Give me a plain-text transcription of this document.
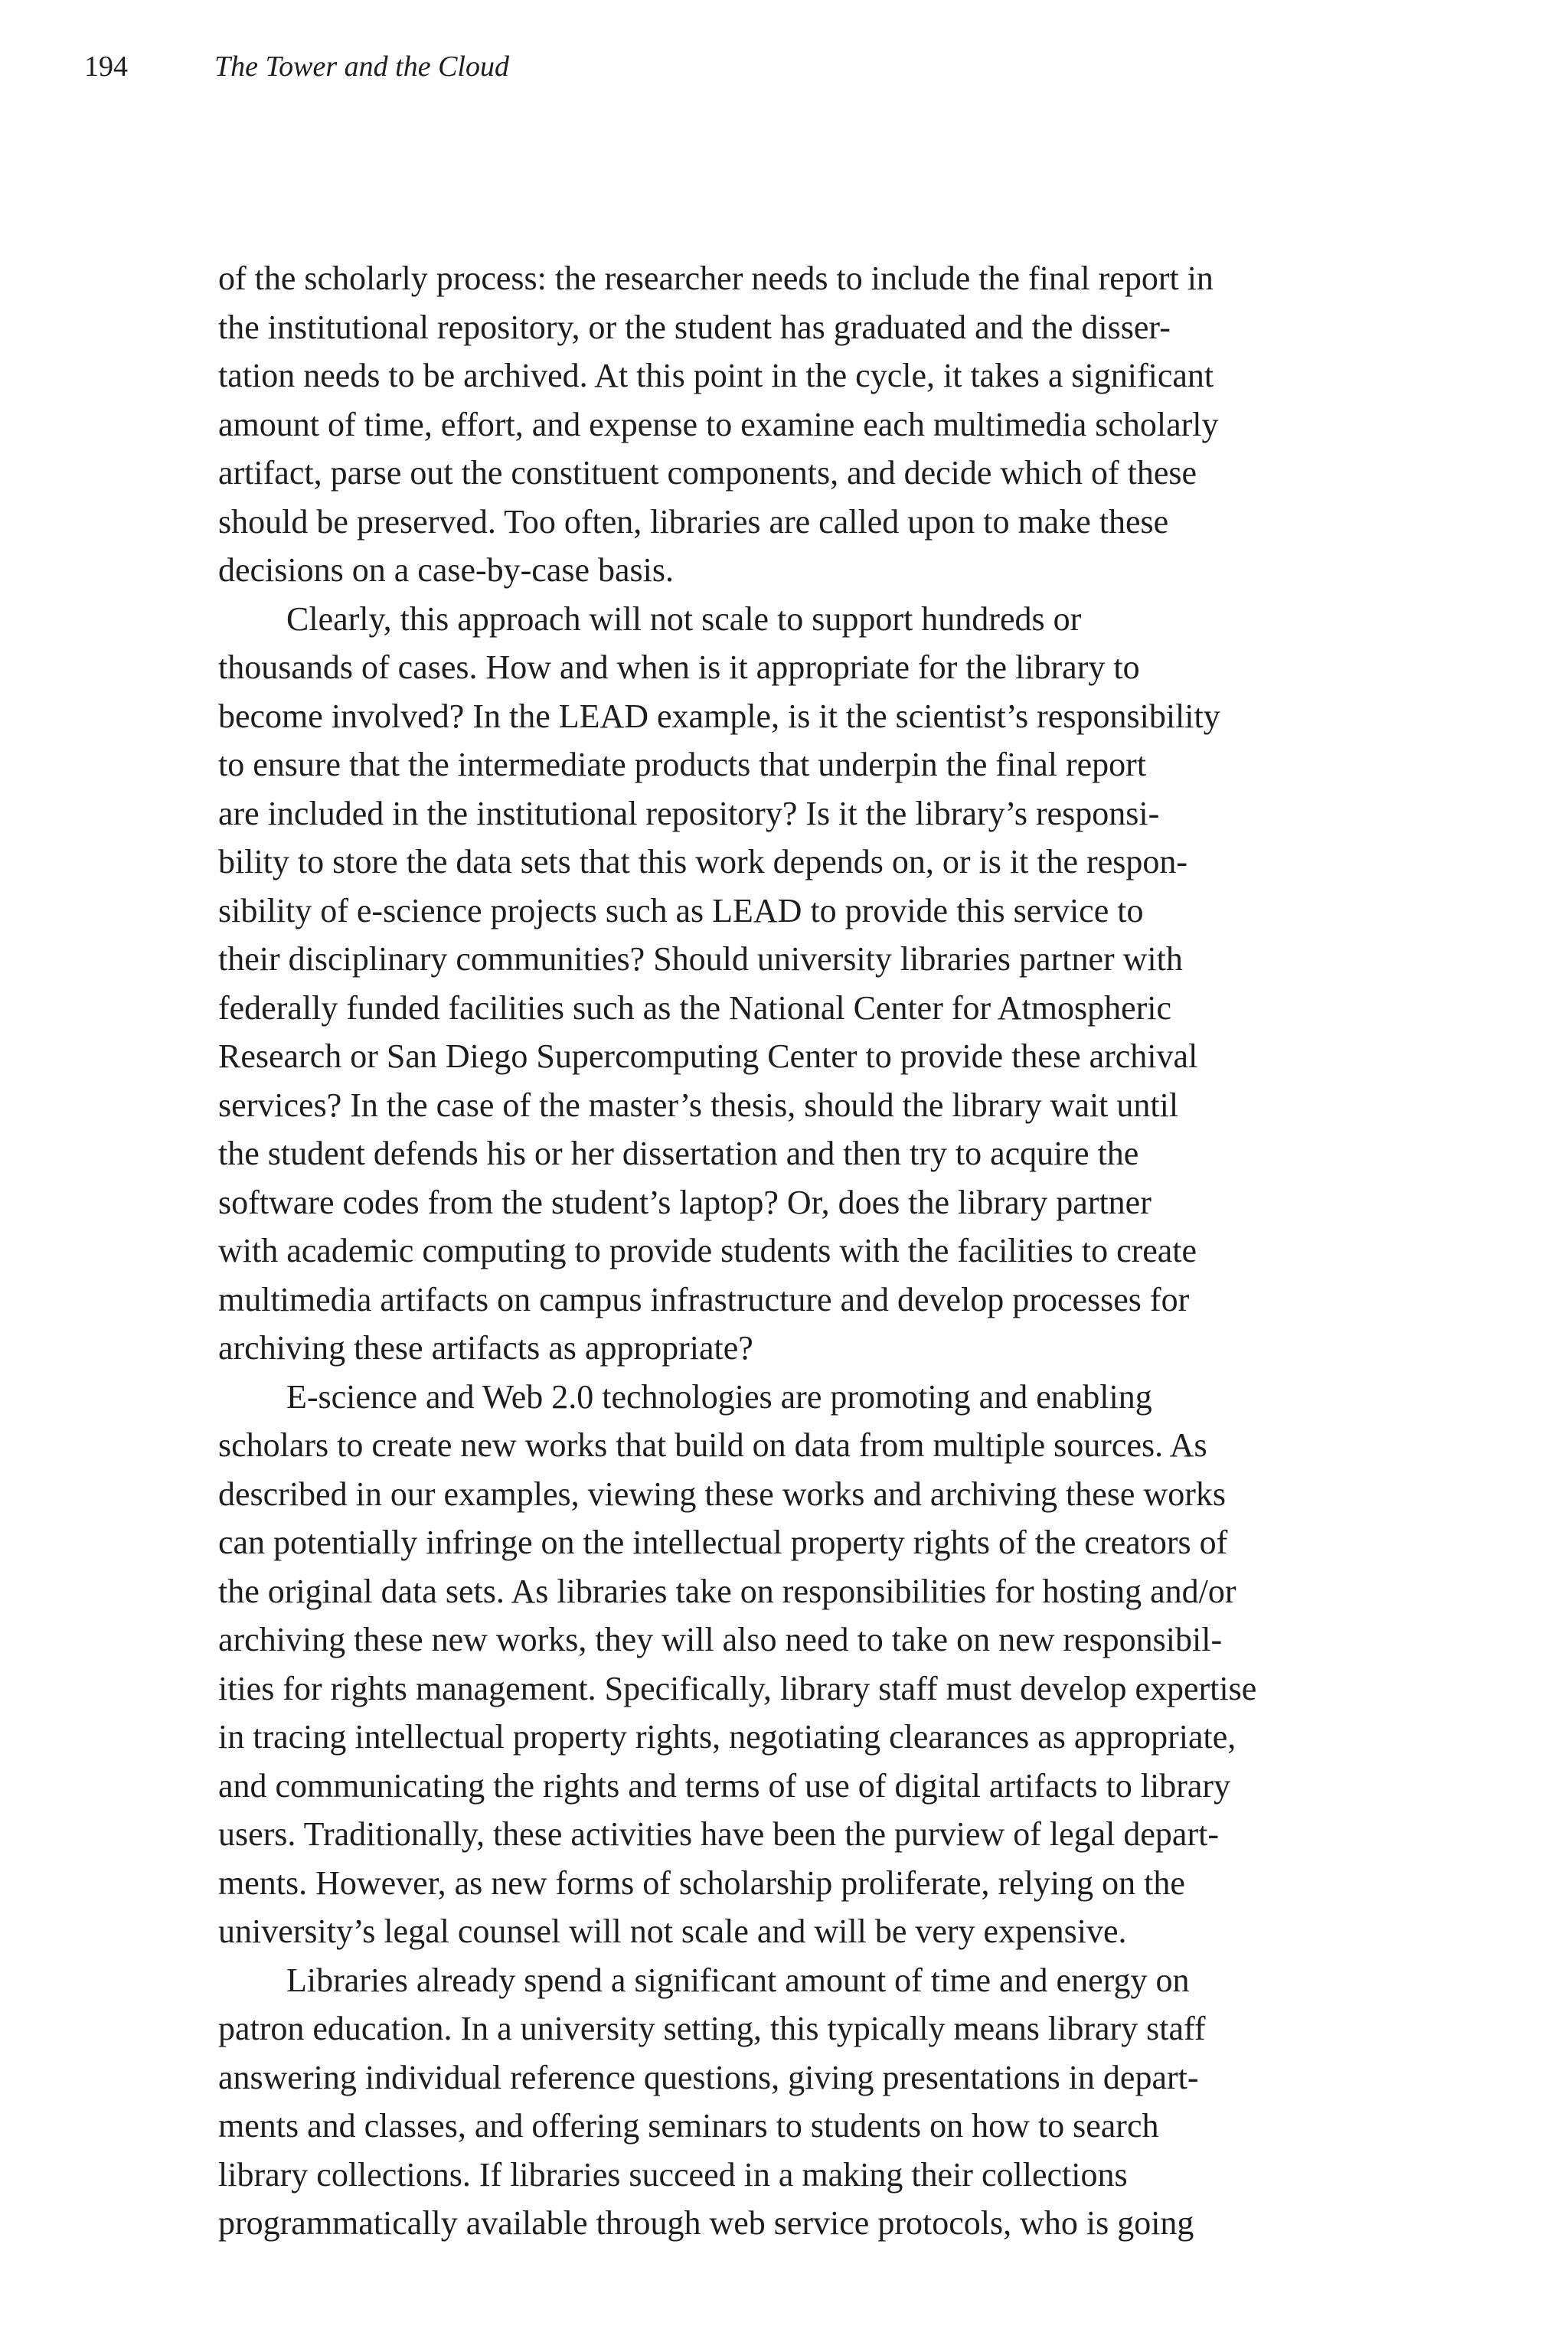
194	The Tower and the Cloud

of the scholarly process: the researcher needs to include the final report in
the institutional repository, or the student has graduated and the disser-
tation needs to be archived. At this point in the cycle, it takes a significant
amount of time, effort, and expense to examine each multimedia scholarly
artifact, parse out the constituent components, and decide which of these
should be preserved. Too often, libraries are called upon to make these
decisions on a case-by-case basis.

Clearly, this approach will not scale to support hundreds or
thousands of cases. How and when is it appropriate for the library to
become involved? In the LEAD example, is it the scientist’s responsibility
to ensure that the intermediate products that underpin the final report
are included in the institutional repository? Is it the library’s responsi-
bility to store the data sets that this work depends on, or is it the respon-
sibility of e-science projects such as LEAD to provide this service to
their disciplinary communities? Should university libraries partner with
federally funded facilities such as the National Center for Atmospheric
Research or San Diego Supercomputing Center to provide these archival
services? In the case of the master’s thesis, should the library wait until
the student defends his or her dissertation and then try to acquire the
software codes from the student’s laptop? Or, does the library partner
with academic computing to provide students with the facilities to create
multimedia artifacts on campus infrastructure and develop processes for
archiving these artifacts as appropriate?

E-science and Web 2.0 technologies are promoting and enabling
scholars to create new works that build on data from multiple sources. As
described in our examples, viewing these works and archiving these works
can potentially infringe on the intellectual property rights of the creators of
the original data sets. As libraries take on responsibilities for hosting and/or
archiving these new works, they will also need to take on new responsibil-
ities for rights management. Specifically, library staff must develop expertise
in tracing intellectual property rights, negotiating clearances as appropriate,
and communicating the rights and terms of use of digital artifacts to library
users. Traditionally, these activities have been the purview of legal depart-
ments. However, as new forms of scholarship proliferate, relying on the
university’s legal counsel will not scale and will be very expensive.

Libraries already spend a significant amount of time and energy on
patron education. In a university setting, this typically means library staff
answering individual reference questions, giving presentations in depart-
ments and classes, and offering seminars to students on how to search
library collections. If libraries succeed in a making their collections
programmatically available through web service protocols, who is going
